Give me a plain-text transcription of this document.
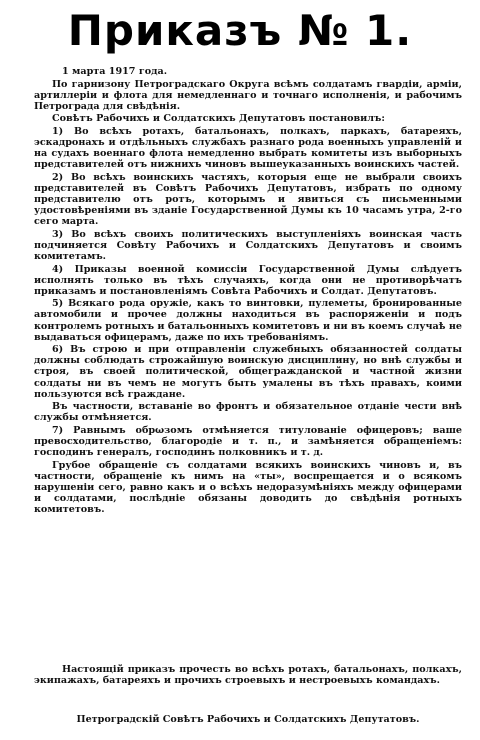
Приказъ № 1.

1 марта 1917 года.

По гарнизону Петроградскаго Округа всѣмъ солдатамъ гвардіи, арміи, артиллеріи и флота для немедленнаго и точнаго исполненія, и рабочимъ Петрограда для свѣдѣнія.

Совѣтъ Рабочихъ и Солдатскихъ Депутатовъ постановилъ:

1) Во всѣхъ ротахъ, батальонахъ, полкахъ, паркахъ, батареяхъ, эскадронахъ и отдѣльныхъ службахъ разнаго рода военныхъ управленій и на судахъ военнаго флота немедленно выбрать комитеты изъ выборныхъ представителей отъ нижнихъ чиновъ вышеуказанныхъ воинскихъ частей.

2) Во всѣхъ воинскихъ частяхъ, которыя еще не выбрали своихъ представителей въ Совѣтъ Рабочихъ Депутатовъ, избрать по одному представителю отъ ротъ, которымъ и явиться съ письменными удостовѣреніями въ зданіе Государственной Думы къ 10 часамъ утра, 2-го сего марта.

3) Во всѣхъ своихъ политическихъ выступленіяхъ воинская часть подчиняется Совѣту Рабочихъ и Солдатскихъ Депутатовъ и своимъ комитетамъ.

4) Приказы военной комиссіи Государственной Думы слѣдуетъ исполнять только въ тѣхъ случаяхъ, когда они не противорѣчатъ приказамъ и постановленіямъ Совѣта Рабочихъ и Солдат. Депутатовъ.

5) Всякаго рода оружіе, какъ то винтовки, пулеметы, бронированные автомобили и прочее должны находиться въ распоряженіи и подъ контролемъ ротныхъ и батальонныхъ комитетовъ и ни въ коемъ случаѣ не выдаваться офицерамъ, даже по ихъ требованіямъ.

6) Въ строю и при отправленіи служебныхъ обязанностей солдаты должны соблюдать строжайшую воинскую дисциплину, но внѣ службы и строя, въ своей политической, общегражданской и частной жизни солдаты ни въ чемъ не могутъ быть умалены въ тѣхъ правахъ, коими пользуются всѣ граждане.

Въ частности, вставаніе во фронтъ и обязательное отданіе чести внѣ службы отмѣняется.

7) Равнымъ обрωзомъ отмѣняется титулованіе офицеровъ; ваше превосходительство, благородіе и т. п., и замѣняется обращеніемъ: господинъ генералъ, господинъ полковникъ и т. д.

Грубое обращеніе съ солдатами всякихъ воинскихъ чиновъ и, въ частности, обращеніе къ нимъ на «ты», воспрещается и о всякомъ нарушеніи сего, равно какъ и о всѣхъ недоразумѣніяхъ между офицерами и солдатами, послѣдніе обязаны доводить до свѣдѣнія ротныхъ комитетовъ.

Настоящій приказъ прочесть во всѣхъ ротахъ, батальонахъ, полкахъ, экипажахъ, батареяхъ и прочихъ строевыхъ и нестроевыхъ командахъ.

Петроградскій Совѣтъ Рабочихъ и Солдатскихъ Депутатовъ.
